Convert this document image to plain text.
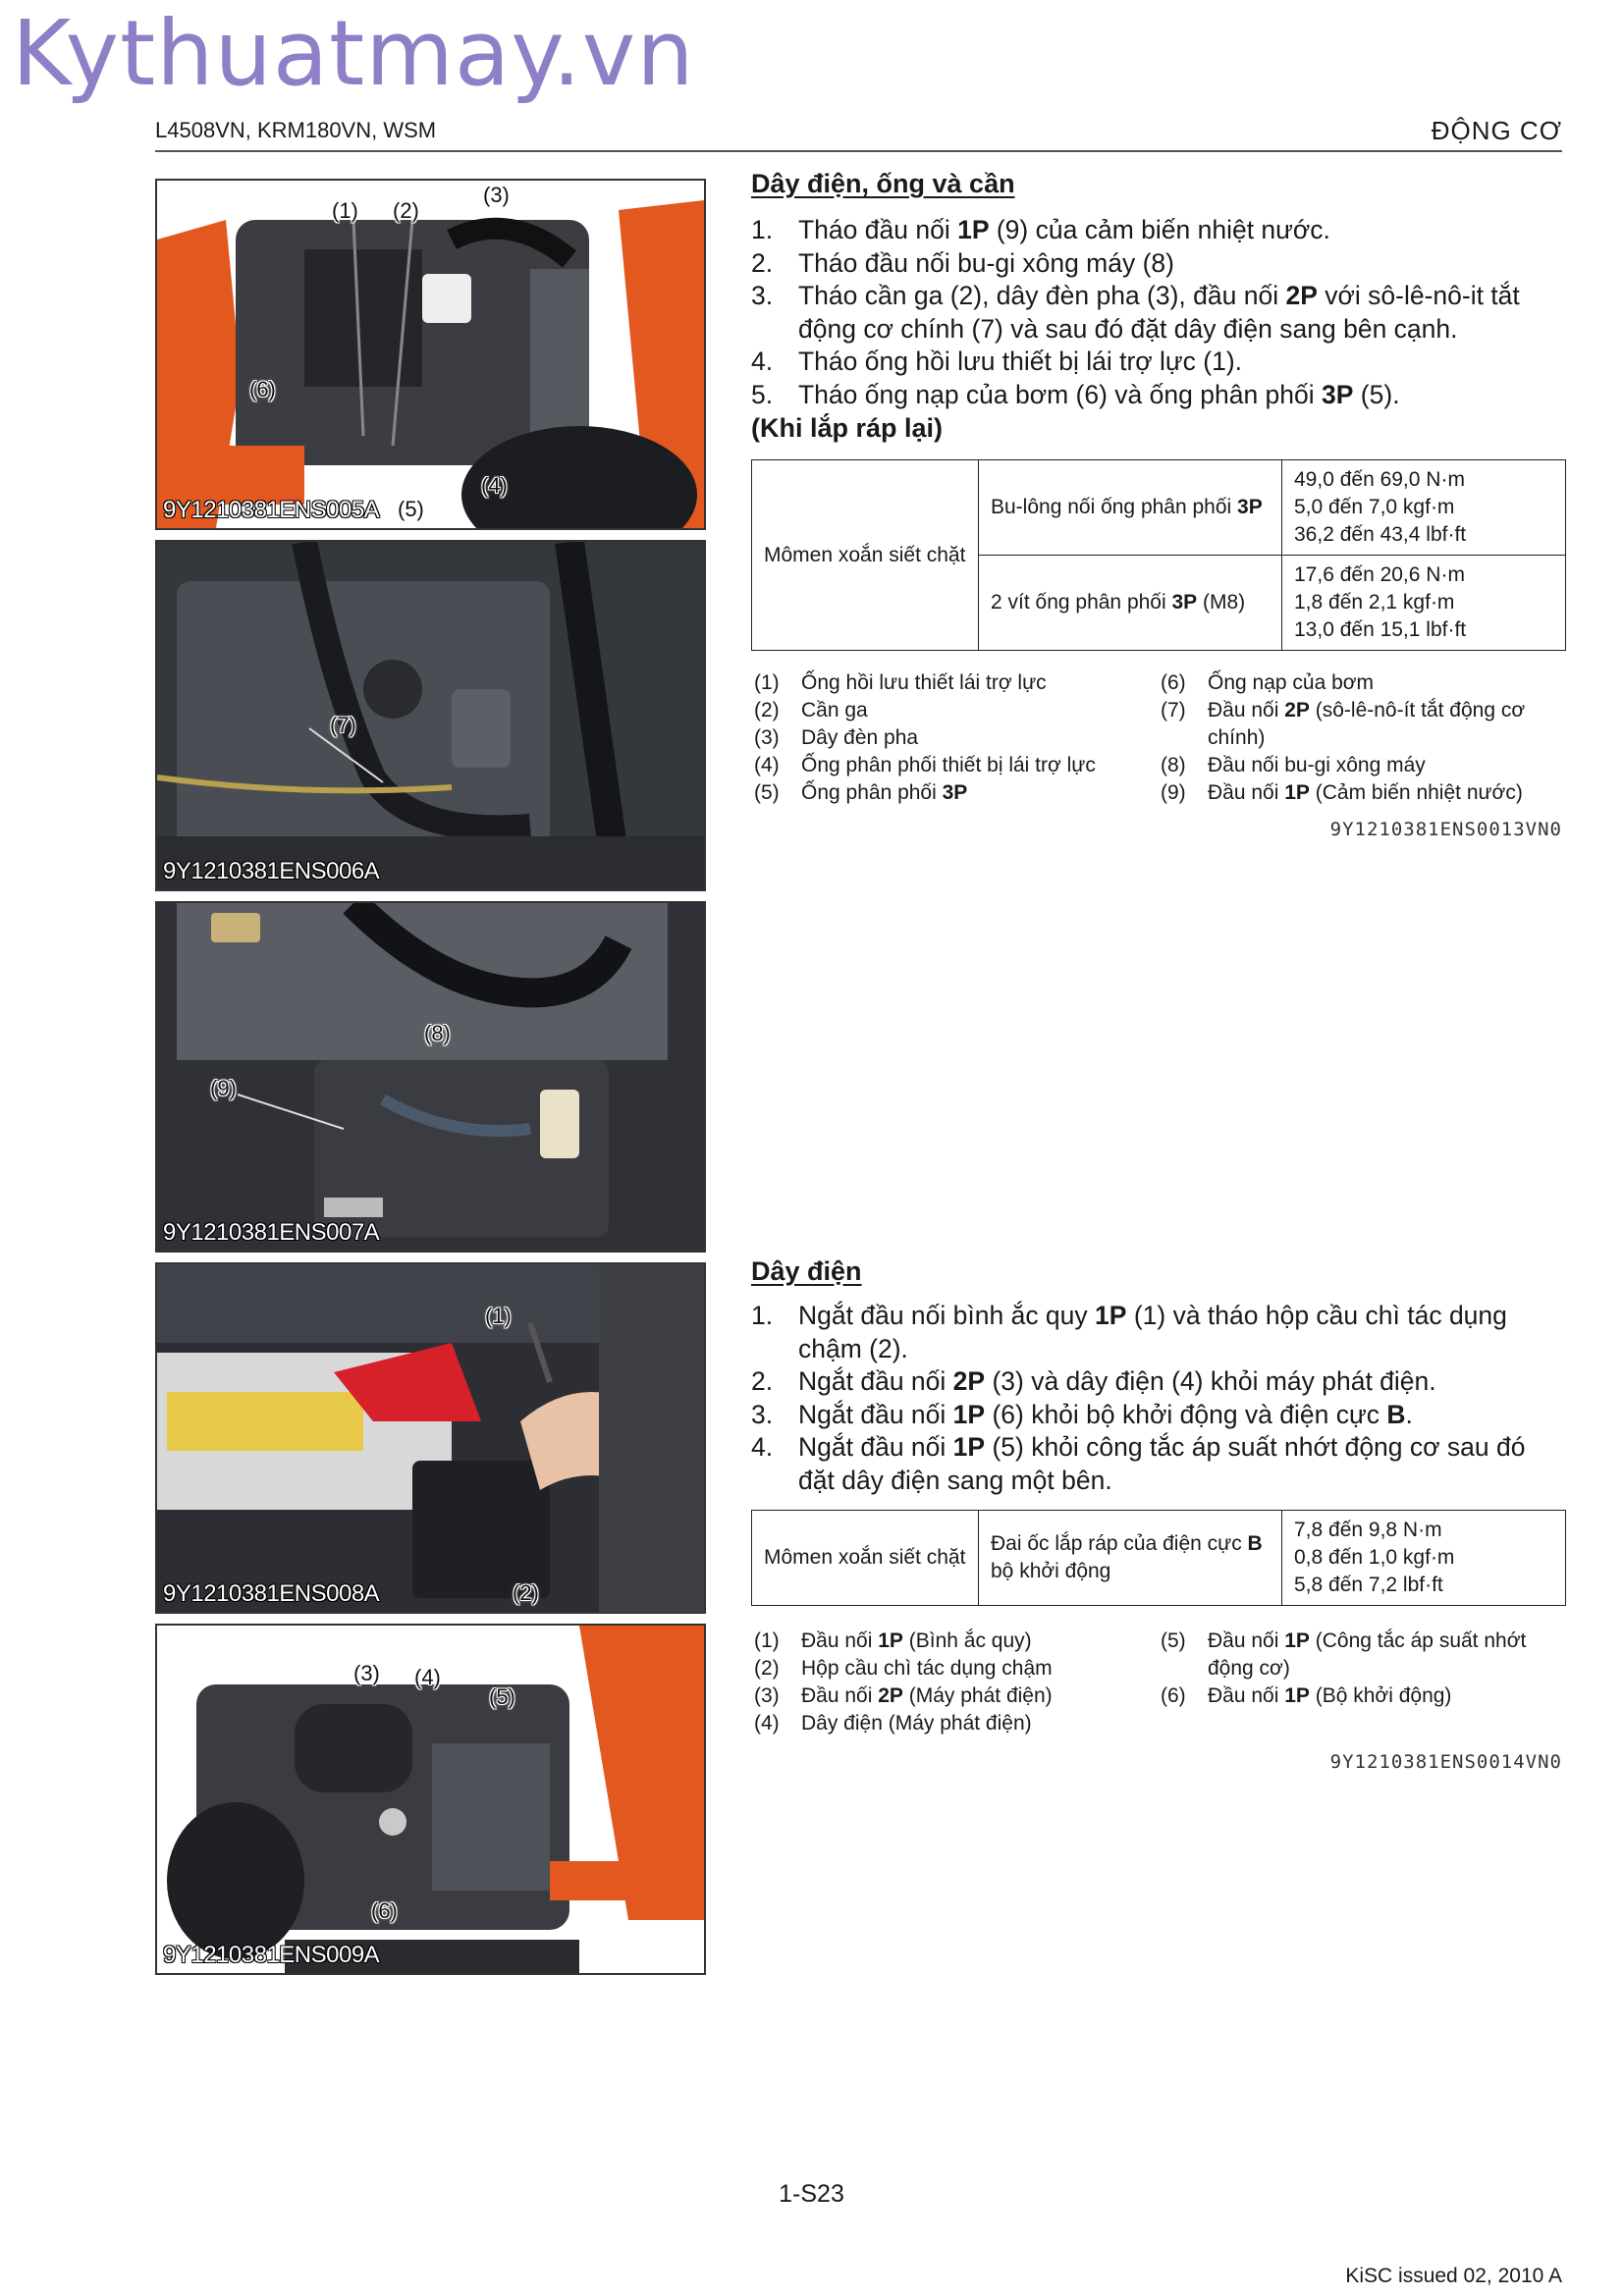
Kythuatmay.vn
L4508VN, KRM180VN, WSM	ĐỘNG CƠ
(1) (2)
(3)
(6)
(4)
(5)
9Y1210381ENS005A
(7)
9Y1210381ENS006A
(8)
(9)
9Y1210381ENS007A
(1)
(2)
9Y1210381ENS008A
(3) (4)
(5)
(6)
9Y1210381ENS009A
Dây điện, ống và cần
1. Tháo đầu nối 1P (9) của cảm biến nhiệt nước.
2. Tháo đầu nối bu-gi xông máy (8)
3. Tháo cần ga (2), dây đèn pha (3), đầu nối 2P với sô-lê-nô-it tắt động cơ chính (7) và sau đó đặt dây điện sang bên cạnh.
4. Tháo ống hồi lưu thiết bị lái trợ lực (1).
5. Tháo ống nạp của bơm (6) và ống phân phối 3P (5).
(Khi lắp ráp lại)
Mômen xoắn siết chặt	Bu-lông nối ống phân phối 3P	49,0 đến 69,0 N·m
5,0 đến 7,0 kgf·m
36,2 đến 43,4 lbf·ft

	2 vít ống phân phối 3P (M8)	17,6 đến 20,6 N·m
1,8 đến 2,1 kgf·m
13,0 đến 15,1 lbf·ft
(1) Ống hồi lưu thiết lái trợ lực
(2) Cần ga
(3) Dây đèn pha
(4) Ống phân phối thiết bị lái trợ lực
(5) Ống phân phối 3P
(6) Ống nạp của bơm
(7) Đầu nối 2P (sô-lê-nô-ít tắt động cơ chính)
(8) Đầu nối bu-gi xông máy
(9) Đầu nối 1P (Cảm biến nhiệt nước)
9Y1210381ENS0013VN0
Dây điện
1. Ngắt đầu nối bình ắc quy 1P (1) và tháo hộp cầu chì tác dụng chậm (2).
2. Ngắt đầu nối 2P (3) và dây điện (4) khỏi máy phát điện.
3. Ngắt đầu nối 1P (6) khỏi bộ khởi động và điện cực B.
4. Ngắt đầu nối 1P (5) khỏi công tắc áp suất nhớt động cơ sau đó đặt dây điện sang một bên.
Mômen xoắn siết chặt	Đai ốc lắp ráp của điện cực B bộ khởi động	
7,8 đến 9,8 N·m
0,8 đến 1,0 kgf·m
5,8 đến 7,2 lbf·ft
(1) Đầu nối 1P (Bình ắc quy)
(2) Hộp cầu chì tác dụng chậm
(3) Đầu nối 2P (Máy phát điện)
(4) Dây điện (Máy phát điện)
(5) Đầu nối 1P (Công tắc áp suất nhớt động cơ)
(6) Đầu nối 1P (Bộ khởi động)
9Y1210381ENS0014VN0
1-S23
KiSC issued 02, 2010 A
